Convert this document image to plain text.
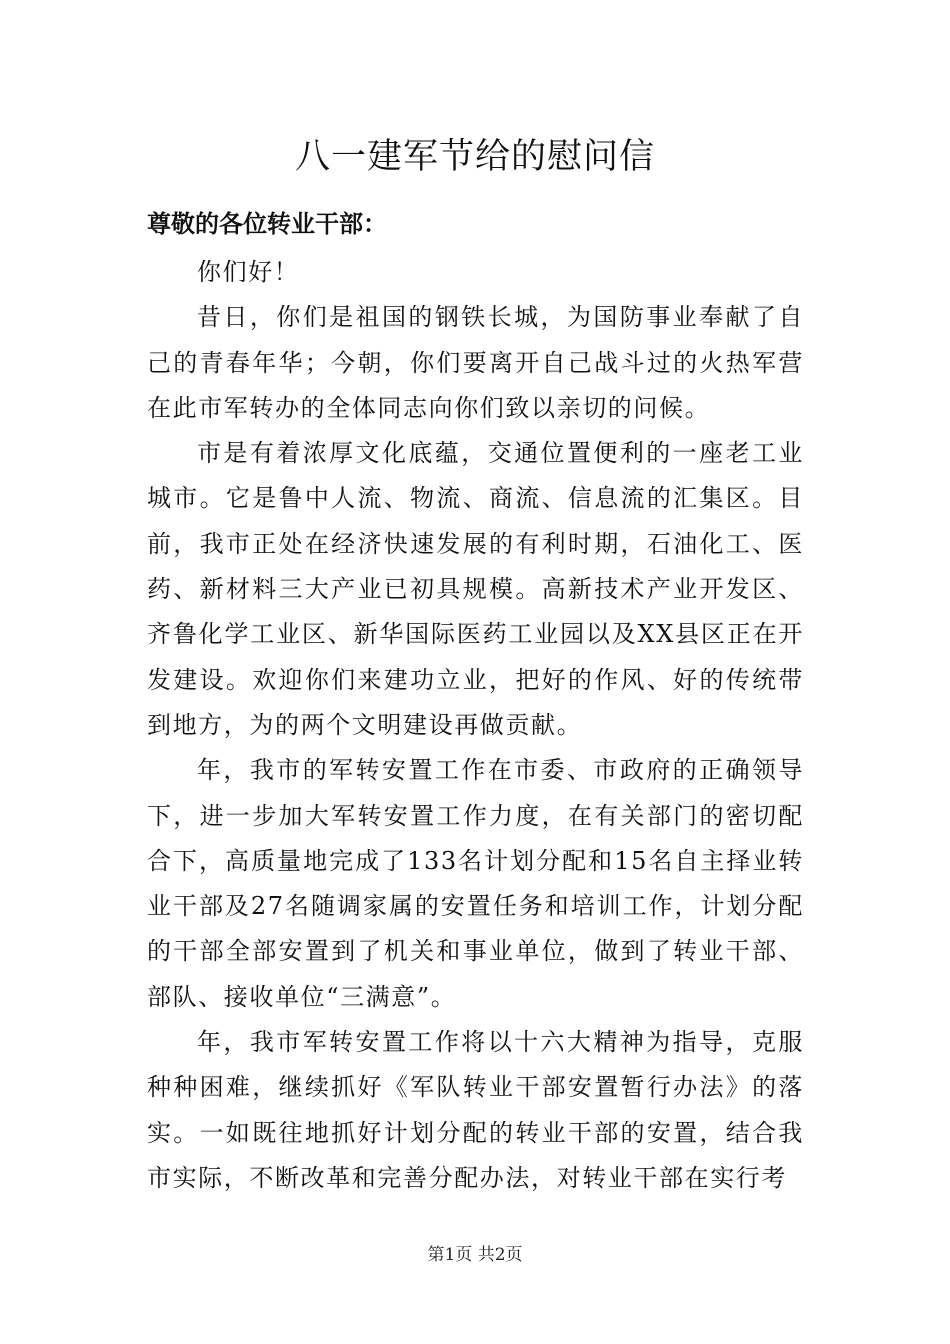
八一建军节给的慰问信
尊敬的各位转业干部：

你们好！

昔日，你们是祖国的钢铁长城，为国防事业奉献了自己的青春年华；今朝，你们要离开自己战斗过的火热军营在此市军转办的全体同志向你们致以亲切的问候。

市是有着浓厚文化底蕴，交通位置便利的一座老工业城市。它是鲁中人流、物流、商流、信息流的汇集区。目前，我市正处在经济快速发展的有利时期，石油化工、医药、新材料三大产业已初具规模。高新技术产业开发区、齐鲁化学工业区、新华国际医药工业园以及XX县区正在开发建设。欢迎你们来建功立业，把好的作风、好的传统带到地方，为的两个文明建设再做贡献。

年，我市的军转安置工作在市委、市政府的正确领导下，进一步加大军转安置工作力度，在有关部门的密切配合下，高质量地完成了133名计划分配和15名自主择业转业干部及27名随调家属的安置任务和培训工作，计划分配的干部全部安置到了机关和事业单位，做到了转业干部、部队、接收单位“三满意”。

年，我市军转安置工作将以十六大精神为指导，克服种种困难，继续抓好《军队转业干部安置暂行办法》的落实。一如既往地抓好计划分配的转业干部的安置，结合我市实际，不断改革和完善分配办法，对转业干部在实行考

第1页 共2页
